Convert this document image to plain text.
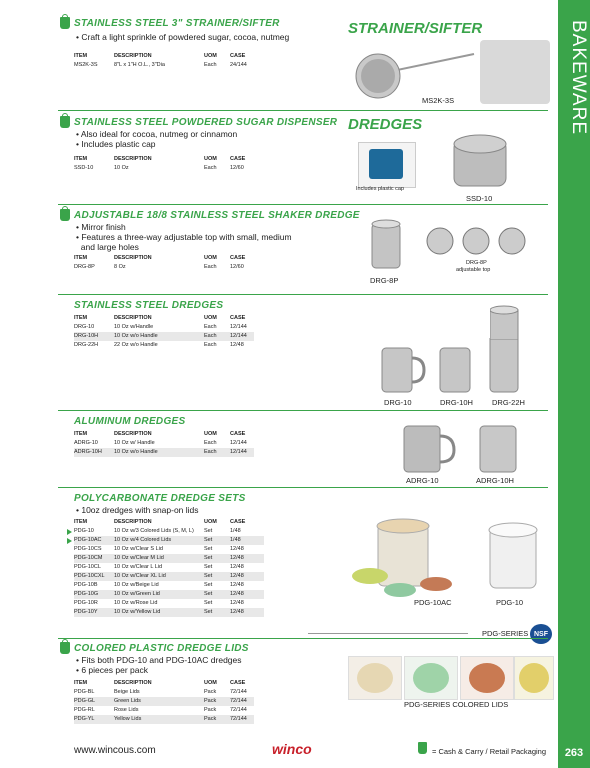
BAKEWARE
263
STAINLESS STEEL 3" STRAINER/SIFTER
• Craft a light sprinkle of powdered sugar, cocoa, nutmeg
ITEM	DESCRIPTION	UOM CASE
MS2K-3S	8"L x 1"H O.L., 3"Dia	Each 24/144
STRAINER/SIFTER
MS2K-3S
STAINLESS STEEL POWDERED SUGAR DISPENSER
• Also ideal for cocoa, nutmeg or cinnamon
• Includes plastic cap
ITEM	DESCRIPTION	UOM CASE
SSD-10	10 Oz	Each 12/60
DREDGES
Includes plastic cap
SSD-10
ADJUSTABLE 18/8 STAINLESS STEEL SHAKER DREDGE
• Mirror finish
• Features a three-way adjustable top with small, medium
and large holes
ITEM	DESCRIPTION	UOM CASE
DRG-8P	8 Oz	Each 12/60
DRG-8P
DRG-8P
adjustable top
STAINLESS STEEL DREDGES
ITEM	DESCRIPTION	UOM CASE
DRG-10	10 Oz w/Handle	Each 12/144
DRG-10H	10 Oz w/o Handle	Each 12/144
DRG-22H	22 Oz w/o Handle	Each 12/48
DRG-10	DRG-10H	DRG-22H
ALUMINUM DREDGES
ITEM	DESCRIPTION	UOM CASE
ADRG-10	10 Oz w/ Handle	Each 12/144
ADRG-10H 10 Oz w/o Handle	Each 12/144
ADRG-10	ADRG-10H
POLYCARBONATE DREDGE SETS
• 10oz dredges with snap-on lids
ITEM	DESCRIPTION	UOM CASE
PDG-10	10 Oz w/3 Colored Lids (S, M, L) Set	1/48
PDG-10AC 10 Oz w/4 Colored Lids	Set	1/48
PDG-10CS 10 Oz w/Clear S Lid	Set	12/48
PDG-10CM 10 Oz w/Clear M Lid	Set	12/48
PDG-10CL 10 Oz w/Clear L Lid	Set	12/48
PDG-10CXL 10 Oz w/Clear XL Lid	Set	12/48
PDG-10B	10 Oz w/Beige Lid	Set	12/48
PDG-10G	10 Oz w/Green Lid	Set	12/48
PDG-10R	10 Oz w/Rose Lid	Set	12/48
PDG-10Y	10 Oz w/Yellow Lid	Set	12/48
PDG-10AC	PDG-10
PDG-SERIES NSF
COLORED PLASTIC DREDGE LIDS
• Fits both PDG-10 and PDG-10AC dredges
• 6 pieces per pack
ITEM	DESCRIPTION	UOM CASE
PDG-BL	Beige Lids	Pack	72/144
PDG-GL	Green Lids	Pack	72/144
PDG-RL	Rose Lids	Pack	72/144
PDG-YL	Yellow Lids	Pack	72/144
PDG-SERIES COLORED LIDS
www.wincous.com	winco	= Cash & Carry / Retail Packaging
